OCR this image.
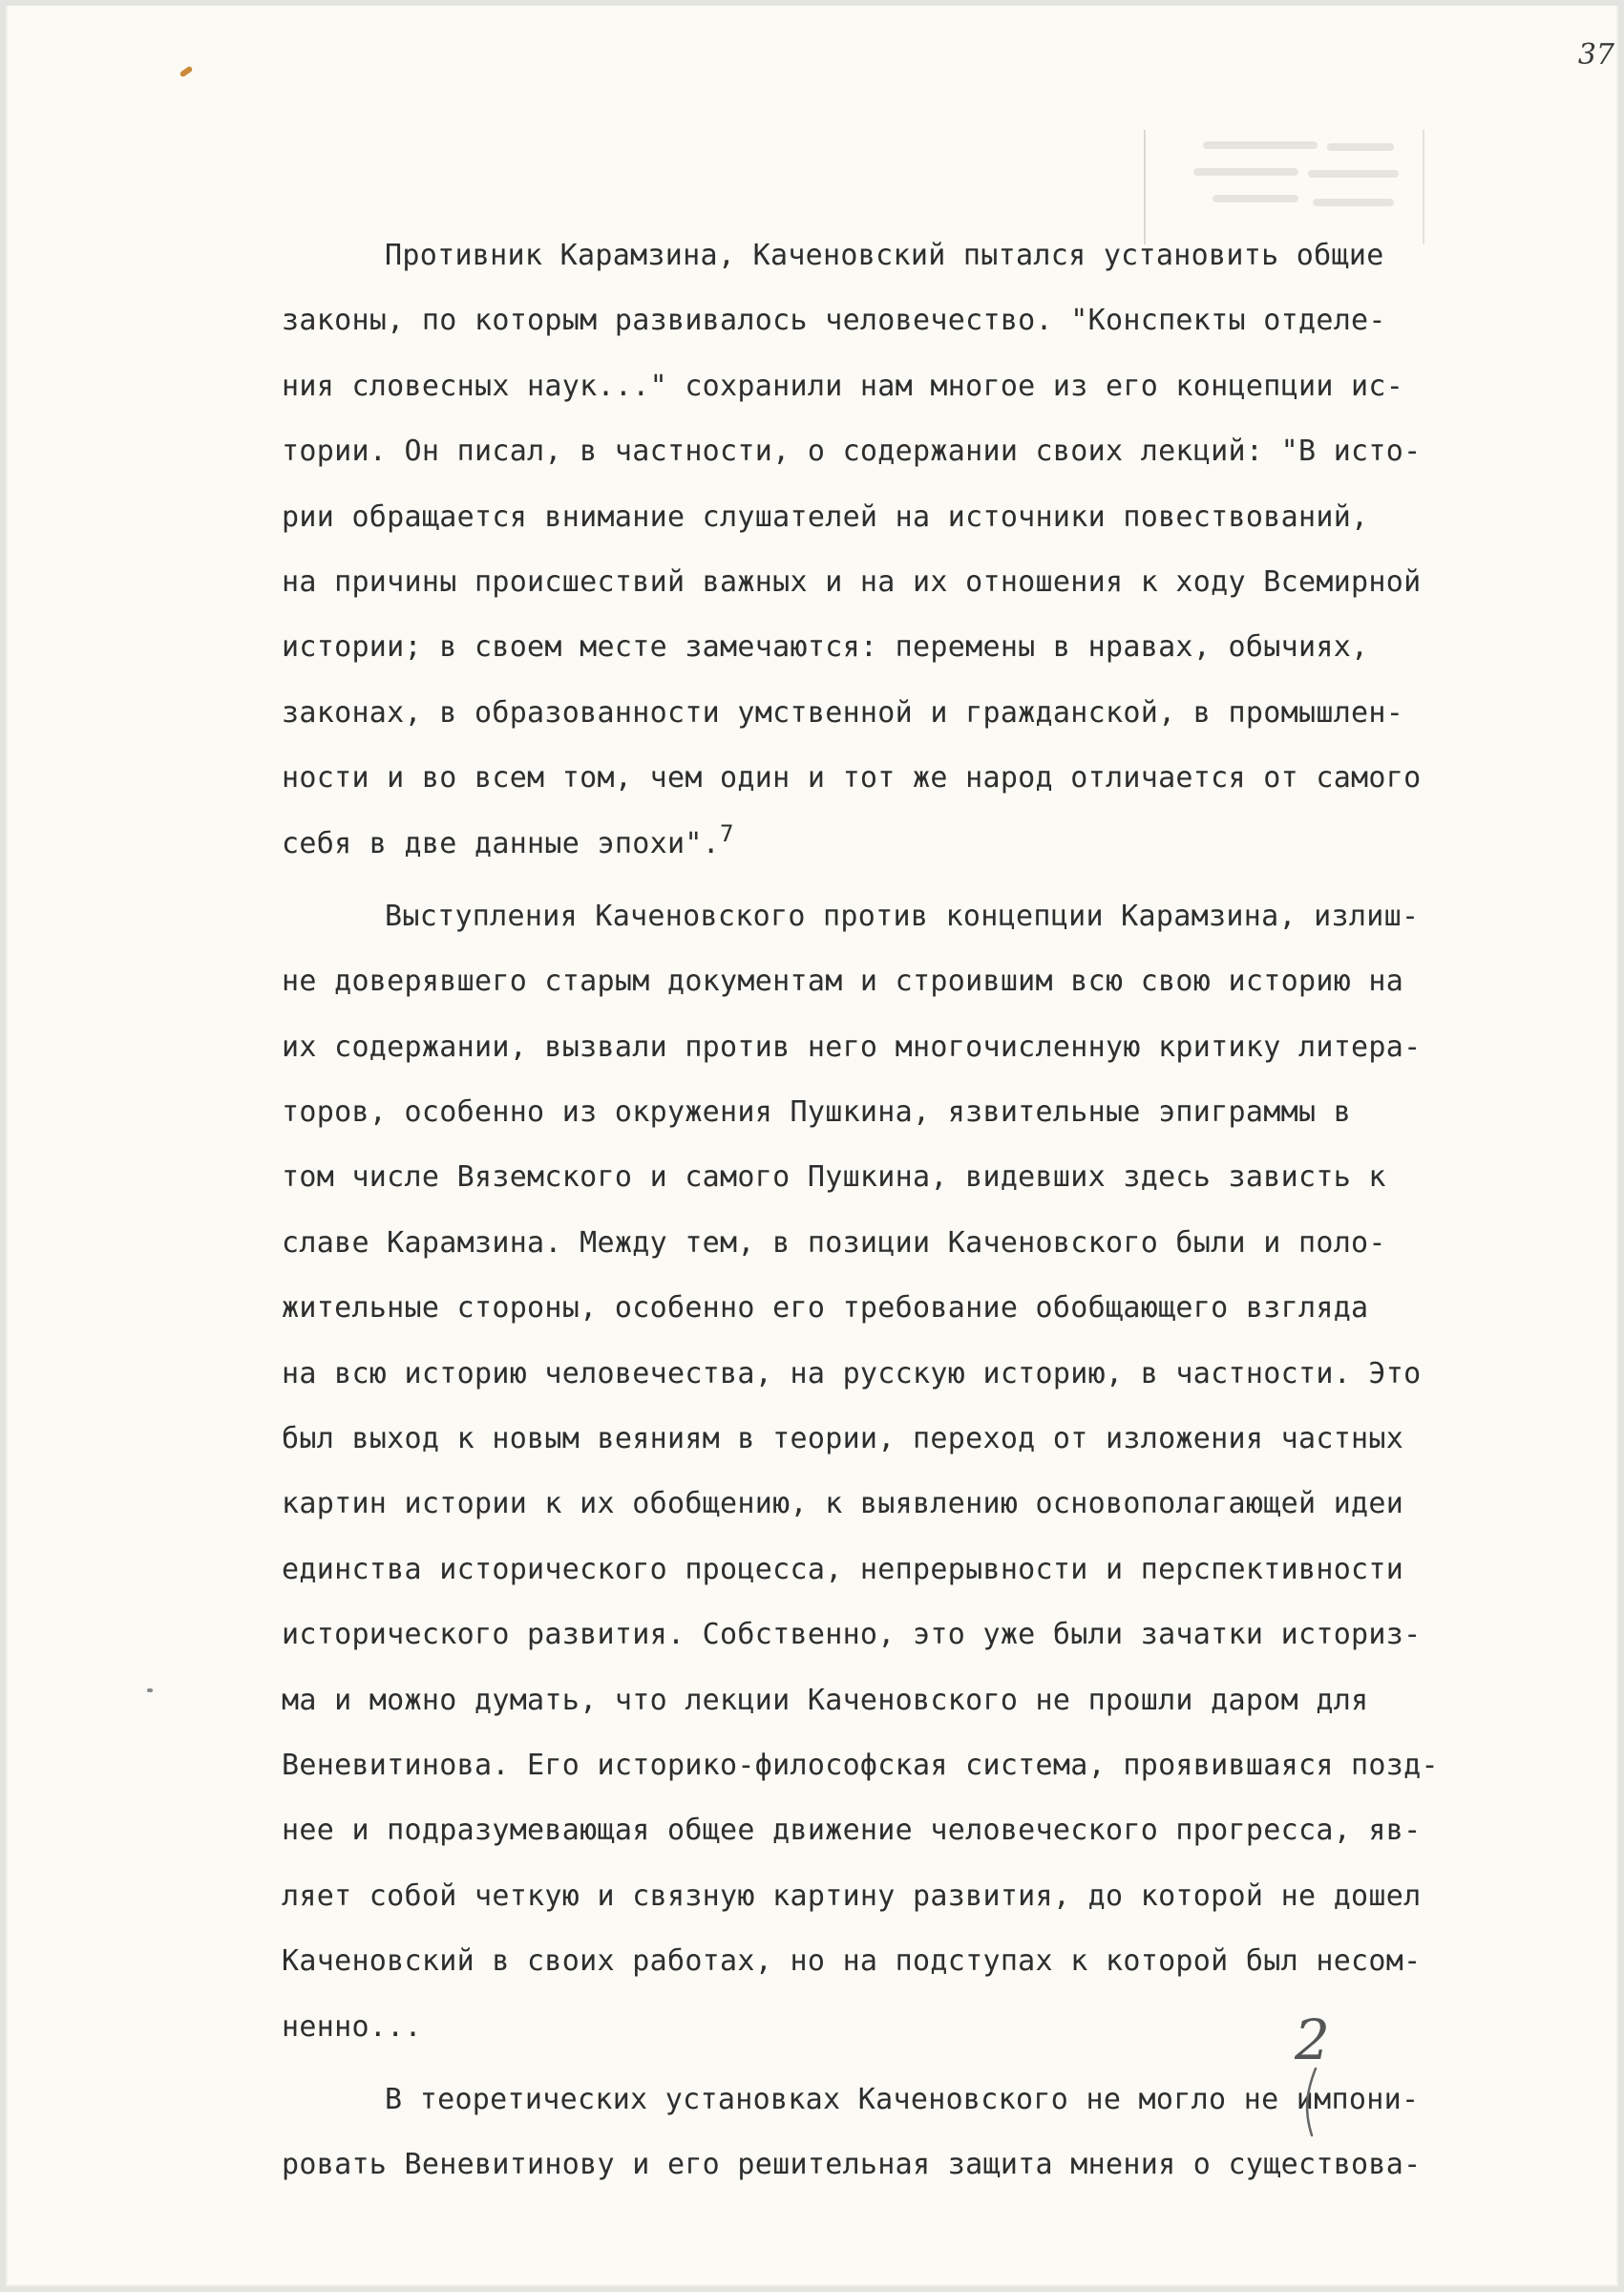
37
Противник Карамзина, Каченовский пытался установить общие
законы, по которым развивалось человечество. "Конспекты отделе-
ния словесных наук..." сохранили нам многое из его концепции ис-
тории. Он писал, в частности, о содержании своих лекций: "В исто-
рии обращается внимание слушателей на источники повествований,
на причины происшествий важных и на их отношения к ходу Всемирной
истории; в своем месте замечаются: перемены в нравах, обычиях,
законах, в образованности умственной и гражданской, в промышлен-
ности и во всем том, чем один и тот же народ отличается от самого
себя в две данные эпохи".$^7$
Выступления Каченовского против концепции Карамзина, излиш-
не доверявшего старым документам и строившим всю свою историю на
их содержании, вызвали против него многочисленную критику литера-
торов, особенно из окружения Пушкина, язвительные эпиграммы в
том числе Вяземского и самого Пушкина, видевших здесь зависть к
славе Карамзина. Между тем, в позиции Каченовского были и поло-
жительные стороны, особенно его требование обобщающего взгляда
на всю историю человечества, на русскую историю, в частности. Это
был выход к новым веяниям в теории, переход от изложения частных
картин истории к их обобщению, к выявлению основополагающей идеи
единства исторического процесса, непрерывности и перспективности
исторического развития. Собственно, это уже были зачатки историз-
ма и можно думать, что лекции Каченовского не прошли даром для
Веневитинова. Его историко-философская система, проявившаяся позд-
нее и подразумевающая общее движение человеческого прогресса, яв-
ляет собой четкую и связную картину развития, до которой не дошел
Каченовский в своих работах, но на подступах к которой был несом-
ненно...
В теоретических установках Каченовского не могло не импони-
ровать Веневитинову и его решительная защита мнения о существова-
2
